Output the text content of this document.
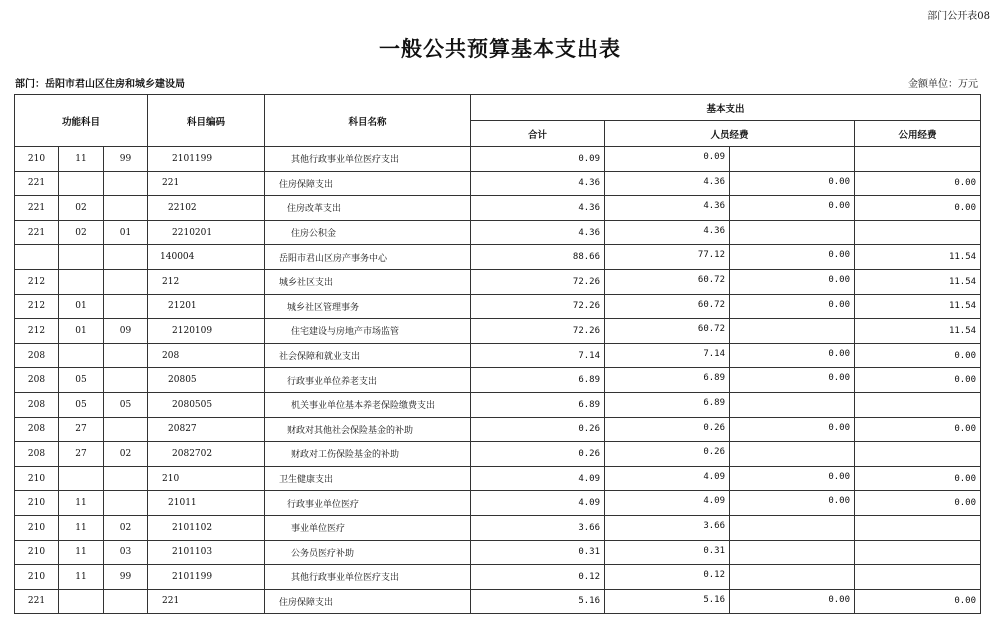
部门公开表08
一般公共预算基本支出表
部门：岳阳市君山区住房和城乡建设局	金额单位：万元
功能科目			科目编码	科目名称	基本支出		
					合计	人员经费	公用经费
210	11	99	2101199	其他行政事业单位医疗支出	0.09	0.09	

221			221	住房保障支出	4.36	4.36 0.00	0.00
221	02		22102	住房改革支出	4.36	4.36 0.00	0.00
221	02	01	2210201	住房公积金	4.36	4.36	

			140004	岳阳市君山区房产事务中心	88.66	77.12 0.00	11.54
212			212	城乡社区支出	72.26	60.72 0.00	11.54
212	01		21201	城乡社区管理事务	72.26	60.72 0.00	11.54
212	01	09	2120109	住宅建设与房地产市场监管	72.26	60.72	11.54
208			208	社会保障和就业支出	7.14	7.14 0.00	0.00
208	05		20805	行政事业单位养老支出	6.89	6.89 0.00	0.00
208	05	05	2080505	机关事业单位基本养老保险缴费支出	6.89	6.89	

208	27		20827	财政对其他社会保险基金的补助	0.26	0.26 0.00	0.00
208	27	02	2082702	财政对工伤保险基金的补助	0.26	0.26	

210			210	卫生健康支出	4.09	4.09 0.00	0.00
210	11		21011	行政事业单位医疗	4.09	4.09 0.00	0.00
210	11	02	2101102	事业单位医疗	3.66	3.66	

210	11	03	2101103	公务员医疗补助	0.31	0.31	

210	11	99	2101199	其他行政事业单位医疗支出	0.12	0.12	

221			221	住房保障支出	5.16	5.16 0.00	0.00
